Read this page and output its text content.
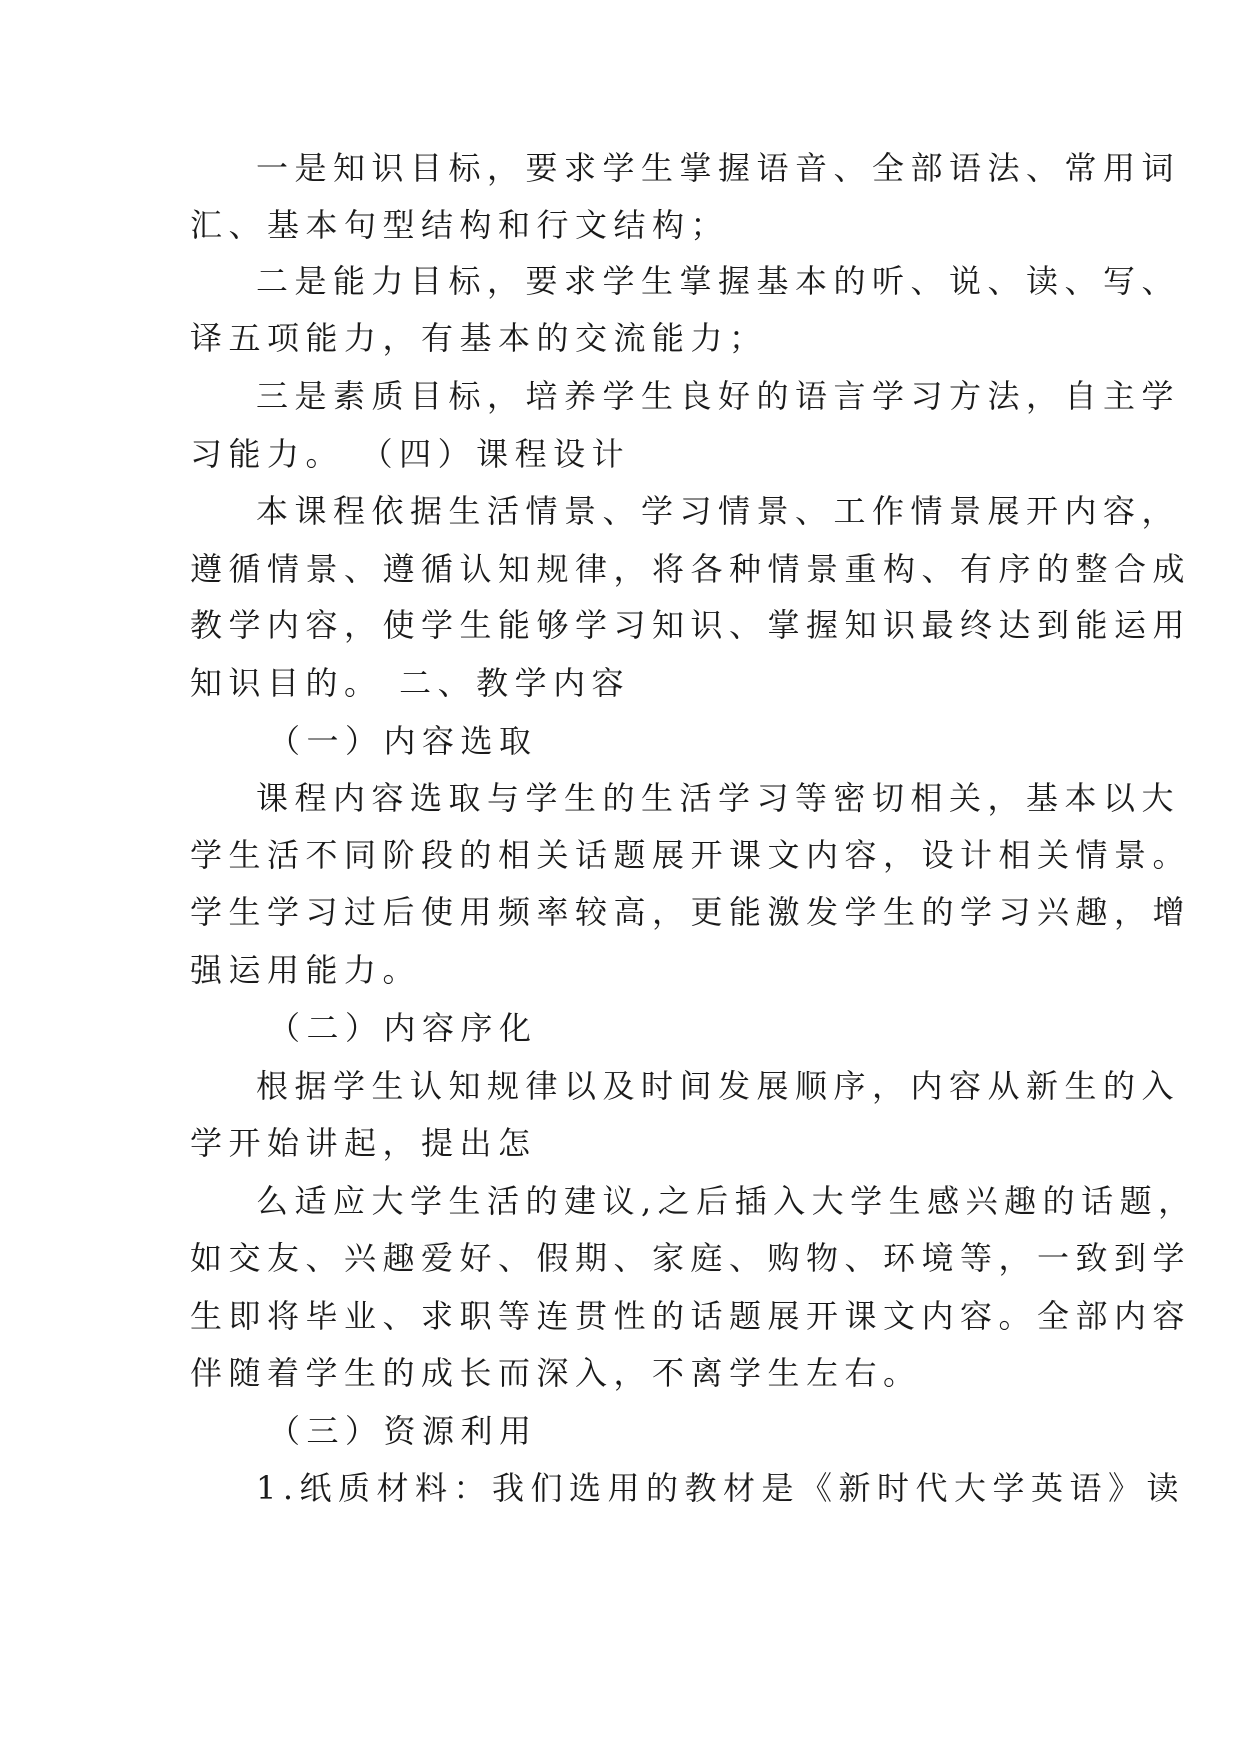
一是知识目标，要求学生掌握语音、全部语法、常用词
汇、基本句型结构和行文结构；
二是能力目标，要求学生掌握基本的听、说、读、写、
译五项能力，有基本的交流能力；
三是素质目标，培养学生良好的语言学习方法，自主学
习能力。 （四）课程设计
本课程依据生活情景、学习情景、工作情景展开内容，
遵循情景、遵循认知规律，将各种情景重构、有序的整合成
教学内容，使学生能够学习知识、掌握知识最终达到能运用
知识目的。 二、教学内容
（一）内容选取
课程内容选取与学生的生活学习等密切相关，基本以大
学生活不同阶段的相关话题展开课文内容，设计相关情景。
学生学习过后使用频率较高，更能激发学生的学习兴趣，增
强运用能力。
（二）内容序化
根据学生认知规律以及时间发展顺序，内容从新生的入
学开始讲起，提出怎
么适应大学生活的建议,之后插入大学生感兴趣的话题，
如交友、兴趣爱好、假期、家庭、购物、环境等，一致到学
生即将毕业、求职等连贯性的话题展开课文内容。全部内容
伴随着学生的成长而深入，不离学生左右。
（三）资源利用
1.纸质材料：我们选用的教材是《新时代大学英语》读
